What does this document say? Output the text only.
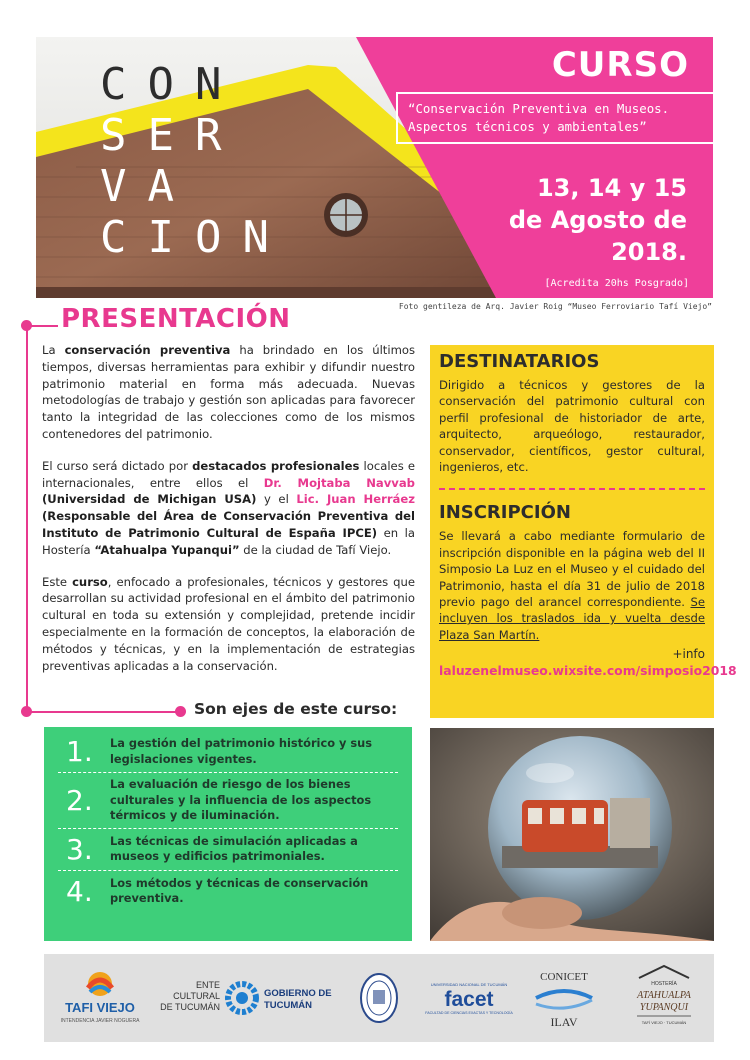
CON
SER
VA
CION
CURSO
“Conservación Preventiva en Museos.
Aspectos técnicos y ambientales”
13, 14 y 15
de Agosto de
2018.
[Acredita 20hs Posgrado]
Foto gentileza de Arq. Javier Roig “Museo Ferroviario Tafí Viejo”
PRESENTACIÓN

La conservación preventiva ha brindado en los últimos tiempos, diversas herramientas para exhibir y difundir nuestro patrimonio material en forma más adecuada. Nuevas metodologías de trabajo y gestión son aplicadas para favorecer tanto la integridad de las colecciones como de los mismos contenedores del patrimonio.

El curso será dictado por destacados profesionales locales e internacionales, entre ellos el Dr. Mojtaba Navvab (Universidad de Michigan USA) y el Lic. Juan Herráez (Responsable del Área de Conservación Preventiva del Instituto de Patrimonio Cultural de España IPCE) en la Hostería “Atahualpa Yupanqui” de la ciudad de Tafí Viejo.

Este curso, enfocado a profesionales, técnicos y gestores que desarrollan su actividad profesional en el ámbito del patrimonio cultural en toda su extensión y complejidad, pretende incidir especialmente en la formación de conceptos, la elaboración de métodos y técnicas, y en la implementación de estrategias preventivas aplicadas a la conservación.

Son ejes de este curso:
DESTINATARIOS
Dirigido a técnicos y gestores de la conservación del patrimonio cultural con perfil profesional de historiador de arte, arquitecto, arqueólogo, restaurador, conservador, científicos, gestor cultural, ingenieros, etc.
INSCRIPCIÓN
Se llevará a cabo mediante formulario de inscripción disponible en la página web del II Simposio La Luz en el Museo y el cuidado del Patrimonio, hasta el día 31 de julio de 2018 previo pago del arancel correspondiente. Se incluyen los traslados ida y vuelta desde Plaza San Martín.
+info
laluzenelmuseo.wixsite.com/simposio2018
1.	La gestión del patrimonio histórico y sus legislaciones vigentes.
2.	La evaluación de riesgo de los bienes culturales y la influencia de los aspectos térmicos y de iluminación.
3.	Las técnicas de simulación aplicadas a museos y edificios patrimoniales.
4.	Los métodos y técnicas de conservación preventiva.
TAFI VIEJO
INTENDENCIA JAVIER NOGUERA
ENTE
CULTURAL
DE TUCUMÁN
GOBIERNO DE
TUCUMÁN
UNIVERSIDAD NACIONAL DE TUCUMÁN
facet
FACULTAD DE CIENCIAS EXACTAS Y TECNOLOGÍA
CONICET
ILAV
HOSTERÍA
ATAHUALPA
YUPANQUI
TAFÍ VIEJO · TUCUMÁN
